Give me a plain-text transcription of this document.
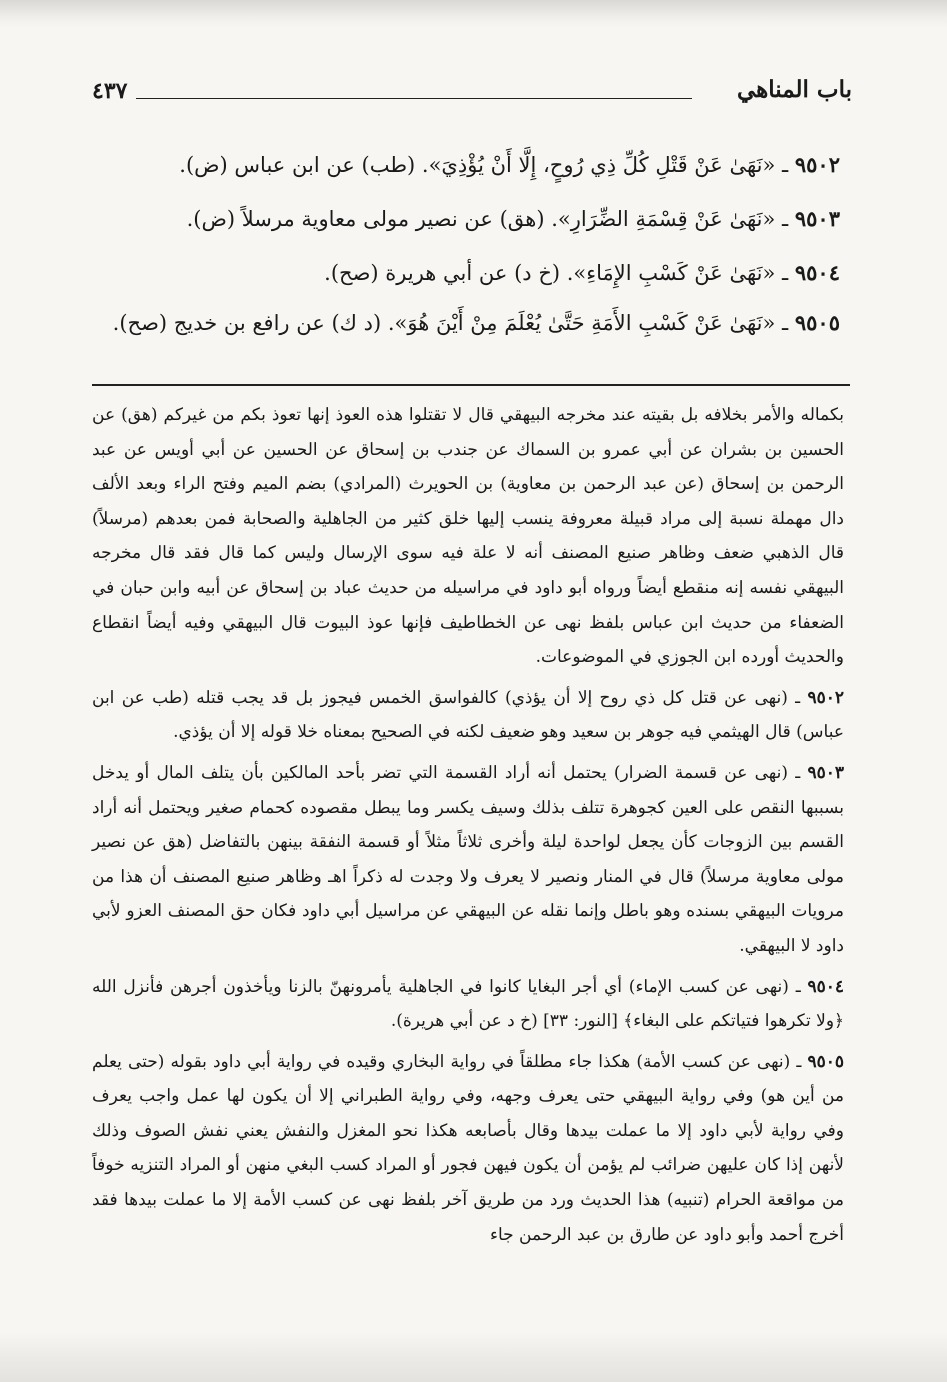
باب المناهي
٤٣٧

٩٥٠٢ ـ «نَهَىٰ عَنْ قَتْلِ كُلِّ ذِي رُوحٍ، إِلَّا أَنْ يُؤْذِيَ». (طب) عن ابن عباس (ض).

٩٥٠٣ ـ «نَهَىٰ عَنْ قِسْمَةِ الضِّرَارِ». (هق) عن نصير مولى معاوية مرسلاً (ض).

٩٥٠٤ ـ «نَهَىٰ عَنْ كَسْبِ الإِمَاءِ». (خ د) عن أبي هريرة (صح).

٩٥٠٥ ـ «نَهَىٰ عَنْ كَسْبِ الأَمَةِ حَتَّىٰ يُعْلَمَ مِنْ أَيْنَ هُوَ». (د ك) عن رافع بن خديج (صح).

بكماله والأمر بخلافه بل بقيته عند مخرجه البيهقي قال لا تقتلوا هذه العوذ إنها تعوذ بكم من غيركم (هق) عن الحسين بن بشران عن أبي عمرو بن السماك عن جندب بن إسحاق عن الحسين عن أبي أويس عن عبد الرحمن بن إسحاق (عن عبد الرحمن بن معاوية) بن الحويرث (المرادي) بضم الميم وفتح الراء وبعد الألف دال مهملة نسبة إلى مراد قبيلة معروفة ينسب إليها خلق كثير من الجاهلية والصحابة فمن بعدهم (مرسلاً) قال الذهبي ضعف وظاهر صنيع المصنف أنه لا علة فيه سوى الإرسال وليس كما قال فقد قال مخرجه البيهقي نفسه إنه منقطع أيضاً ورواه أبو داود في مراسيله من حديث عباد بن إسحاق عن أبيه وابن حبان في الضعفاء من حديث ابن عباس بلفظ نهى عن الخطاطيف فإنها عوذ البيوت قال البيهقي وفيه أيضاً انقطاع والحديث أورده ابن الجوزي في الموضوعات.

٩٥٠٢ ـ (نهى عن قتل كل ذي روح إلا أن يؤذي) كالفواسق الخمس فيجوز بل قد يجب قتله (طب عن ابن عباس) قال الهيثمي فيه جوهر بن سعيد وهو ضعيف لكنه في الصحيح بمعناه خلا قوله إلا أن يؤذي.

٩٥٠٣ ـ (نهى عن قسمة الضرار) يحتمل أنه أراد القسمة التي تضر بأحد المالكين بأن يتلف المال أو يدخل بسببها النقص على العين كجوهرة تتلف بذلك وسيف يكسر وما يبطل مقصوده كحمام صغير ويحتمل أنه أراد القسم بين الزوجات كأن يجعل لواحدة ليلة وأخرى ثلاثاً مثلاً أو قسمة النفقة بينهن بالتفاضل (هق عن نصير مولى معاوية مرسلاً) قال في المنار ونصير لا يعرف ولا وجدت له ذكراً اهـ وظاهر صنيع المصنف أن هذا من مرويات البيهقي بسنده وهو باطل وإنما نقله عن البيهقي عن مراسيل أبي داود فكان حق المصنف العزو لأبي داود لا البيهقي.

٩٥٠٤ ـ (نهى عن كسب الإماء) أي أجر البغايا كانوا في الجاهلية يأمرونهنّ بالزنا ويأخذون أجرهن فأنزل الله ﴿ولا تكرهوا فتياتكم على البغاء﴾ [النور: ٣٣] (خ د عن أبي هريرة).

٩٥٠٥ ـ (نهى عن كسب الأمة) هكذا جاء مطلقاً في رواية البخاري وقيده في رواية أبي داود بقوله (حتى يعلم من أين هو) وفي رواية البيهقي حتى يعرف وجهه، وفي رواية الطبراني إلا أن يكون لها عمل واجب يعرف وفي رواية لأبي داود إلا ما عملت بيدها وقال بأصابعه هكذا نحو المغزل والنفش يعني نفش الصوف وذلك لأنهن إذا كان عليهن ضرائب لم يؤمن أن يكون فيهن فجور أو المراد كسب البغي منهن أو المراد التنزيه خوفاً من مواقعة الحرام (تنبيه) هذا الحديث ورد من طريق آخر بلفظ نهى عن كسب الأمة إلا ما عملت بيدها فقد أخرج أحمد وأبو داود عن طارق بن عبد الرحمن جاء
